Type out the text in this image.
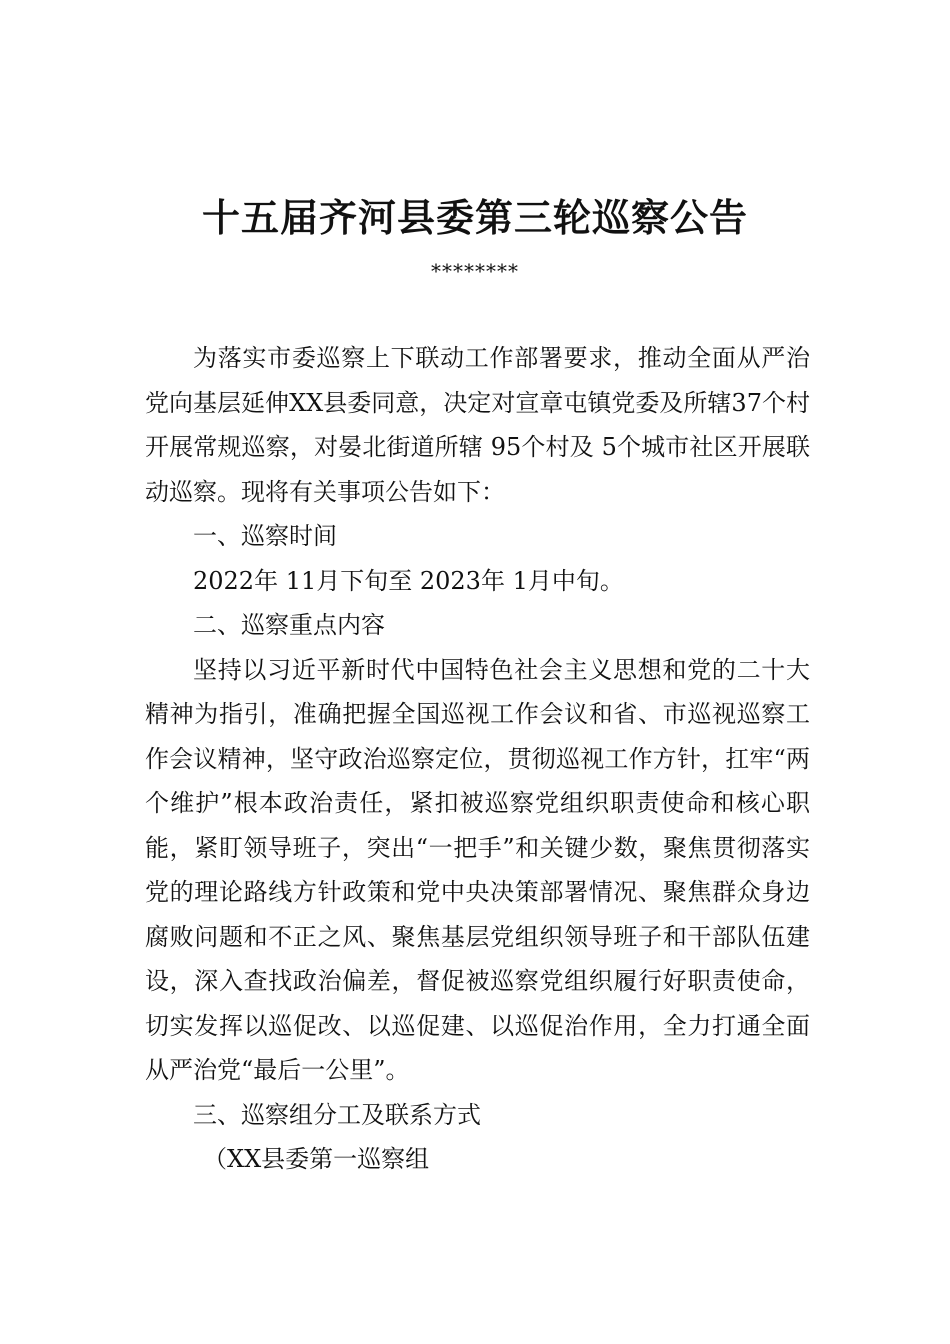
十五届齐河县委第三轮巡察公告

********

为落实市委巡察上下联动工作部署要求，推动全面从严治党向基层延伸XX县委同意，决定对宣章屯镇党委及所辖37个村开展常规巡察，对晏北街道所辖 95个村及 5个城市社区开展联动巡察。现将有关事项公告如下：

一、巡察时间

2022年 11月下旬至 2023年 1月中旬。

二、巡察重点内容

坚持以习近平新时代中国特色社会主义思想和党的二十大精神为指引，准确把握全国巡视工作会议和省、市巡视巡察工作会议精神，坚守政治巡察定位，贯彻巡视工作方针，扛牢“两个维护”根本政治责任，紧扣被巡察党组织职责使命和核心职能，紧盯领导班子，突出“一把手”和关键少数，聚焦贯彻落实党的理论路线方针政策和党中央决策部署情况、聚焦群众身边腐败问题和不正之风、聚焦基层党组织领导班子和干部队伍建设，深入查找政治偏差，督促被巡察党组织履行好职责使命，切实发挥以巡促改、以巡促建、以巡促治作用，全力打通全面从严治党“最后一公里”。

三、巡察组分工及联系方式

（XX县委第一巡察组
